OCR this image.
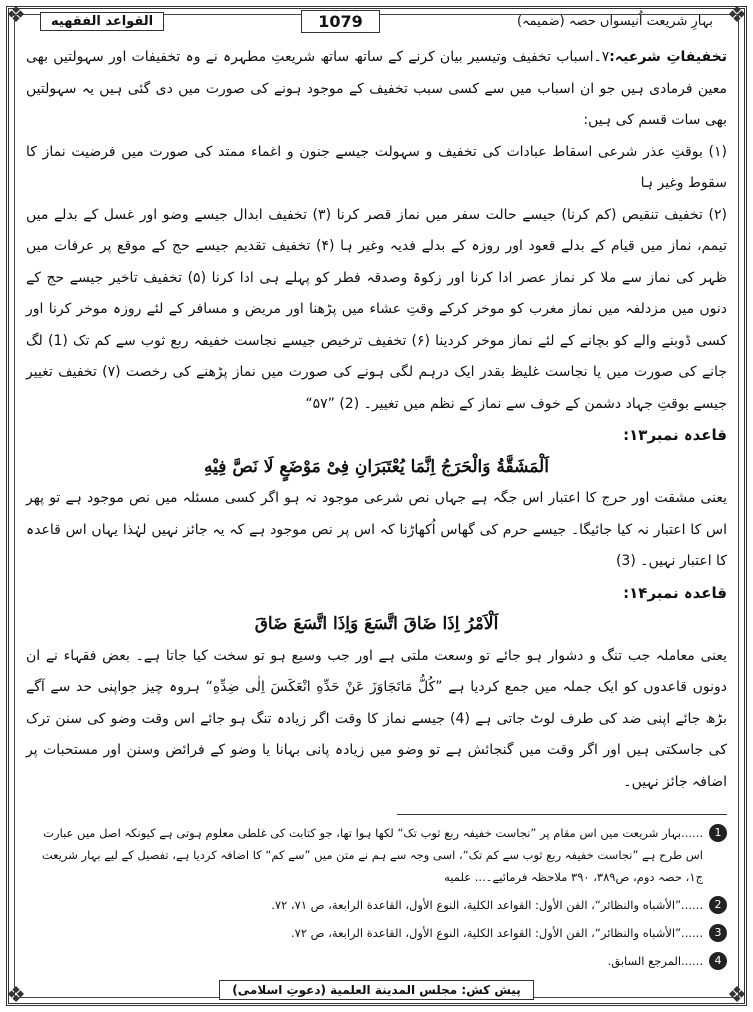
❖	❖
❖	❖
القواعد الفقهيه	1079	بہارِ شریعت اُنیسواں حصہ (ضمیمہ)

تخفیفاتِ شرعیہ:۷۔اسباب تخفیف وتیسیر بیان کرنے کے ساتھ ساتھ شریعتِ مطہرہ نے وہ تخفیفات اور سہولتیں بھی معین فرمادی ہیں جو ان اسباب میں سے کسی سبب تخفیف کے موجود ہونے کی صورت میں دی گئی ہیں یہ سہولتیں بھی سات قسم کی ہیں:

(۱) بوقتِ عذر شرعی اسقاط عبادات کی تخفیف و سہولت جیسے جنون و اغماء ممتد کی صورت میں فرضیت نماز کا سقوط وغیر ہا

(۲) تخفیف تنقیص (کم کرنا) جیسے حالت سفر میں نماز قصر کرنا (۳) تخفیف ابدال جیسے وضو اور غسل کے بدلے میں تیمم، نماز میں قیام کے بدلے قعود اور روزہ کے بدلے فدیہ وغیر ہا (۴) تخفیف تقدیم جیسے حج کے موقع پر عرفات میں ظہر کی نماز سے ملا کر نماز عصر ادا کرنا اور زکوۃ وصدقہ فطر کو پہلے ہی ادا کرنا (۵) تخفیف تاخیر جیسے حج کے دنوں میں مزدلفہ میں نماز مغرب کو موخر کرکے وقتِ عشاء میں پڑھنا اور مریض و مسافر کے لئے روزہ موخر کرنا اور کسی ڈوبنے والے کو بچانے کے لئے نماز موخر کردینا (۶) تخفیف ترخیص جیسے نجاست خفیفہ ربع ثوب سے کم تک (1) لگ جانے کی صورت میں یا نجاست غلیظ بقدر ایک درہم لگی ہونے کی صورت میں نماز پڑھنے کی رخصت (۷) تخفیف تغییر جیسے بوقتِ جہاد دشمن کے خوف سے نماز کے نظم میں تغییر۔ (2) ”۵۷“

قاعدہ نمبر۱۳:

اَلْمَشَقَّةُ وَالْحَرَجُ اِنَّمَا يُعْتَبَرَانِ فِیْ مَوْضَعٍ لَا نَصَّ فِيْهِ

یعنی مشقت اور حرج کا اعتبار اس جگہ ہے جہاں نص شرعی موجود نہ ہو اگر کسی مسئلہ میں نص موجود ہے تو پھر اس کا اعتبار نہ کیا جائیگا۔ جیسے حرم کی گھاس اُکھاڑنا کہ اس پر نص موجود ہے کہ یہ جائز نہیں لہٰذا یہاں اس قاعدہ کا اعتبار نہیں۔ (3)

قاعدہ نمبر۱۴:

اَلْاَمْرُ اِذَا ضَاقَ اتَّسَعَ وَاِذَا اتَّسَعَ ضَاقَ

یعنی معاملہ جب تنگ و دشوار ہو جائے تو وسعت ملتی ہے اور جب وسیع ہو تو سخت کیا جاتا ہے۔ بعض فقہاء نے ان دونوں قاعدوں کو ایک جملہ میں جمع کردیا ہے ”کُلُّ مَاتَجَاوَزَ عَنْ حَدِّهِ انْعَكَسَ اِلٰى ضِدِّهِ“ ہروہ چیز جواپنی حد سے آگے بڑھ جائے اپنی ضد کی طرف لوٹ جاتی ہے (4) جیسے نماز کا وقت اگر زیادہ تنگ ہو جائے اس وقت وضو کی سنن ترک کی جاسکتی ہیں اور اگر وقت میں گنجائش ہے تو وضو میں زیادہ پانی بہانا یا وضو کے فرائض وسنن اور مستحبات پر اضافہ جائز نہیں۔

1
......بہار شریعت میں اس مقام پر ”نجاست خفیفہ ربع ثوب تک“ لکھا ہوا تھا، جو کتابت کی غلطی معلوم ہوتی ہے کیونکہ اصل میں عبارت اس طرح ہے ”نجاست خفیفہ ربع ثوب سے کم تک“، اسی وجہ سے ہم نے متن میں ”سے کم“ کا اضافہ کردیا ہے، تفصیل کے لیے بہار شریعت ج۱، حصہ دوم، ص۳۸۹، ۳۹۰ ملاحظہ فرمائیے۔... علمیه
2
......”الأشباه والنظائر“، الفن الأول: القواعد الكلية، النوع الأول، القاعدة الرابعة، ص ۷۱، ۷۲.
3
......”الأشباه والنظائر“، الفن الأول: القواعد الكلية، النوع الأول، القاعدة الرابعة، ص ۷۲.
4
......المرجع السابق.
پیش کش: مجلس المدينة العلمية (دعوتِ اسلامی)
